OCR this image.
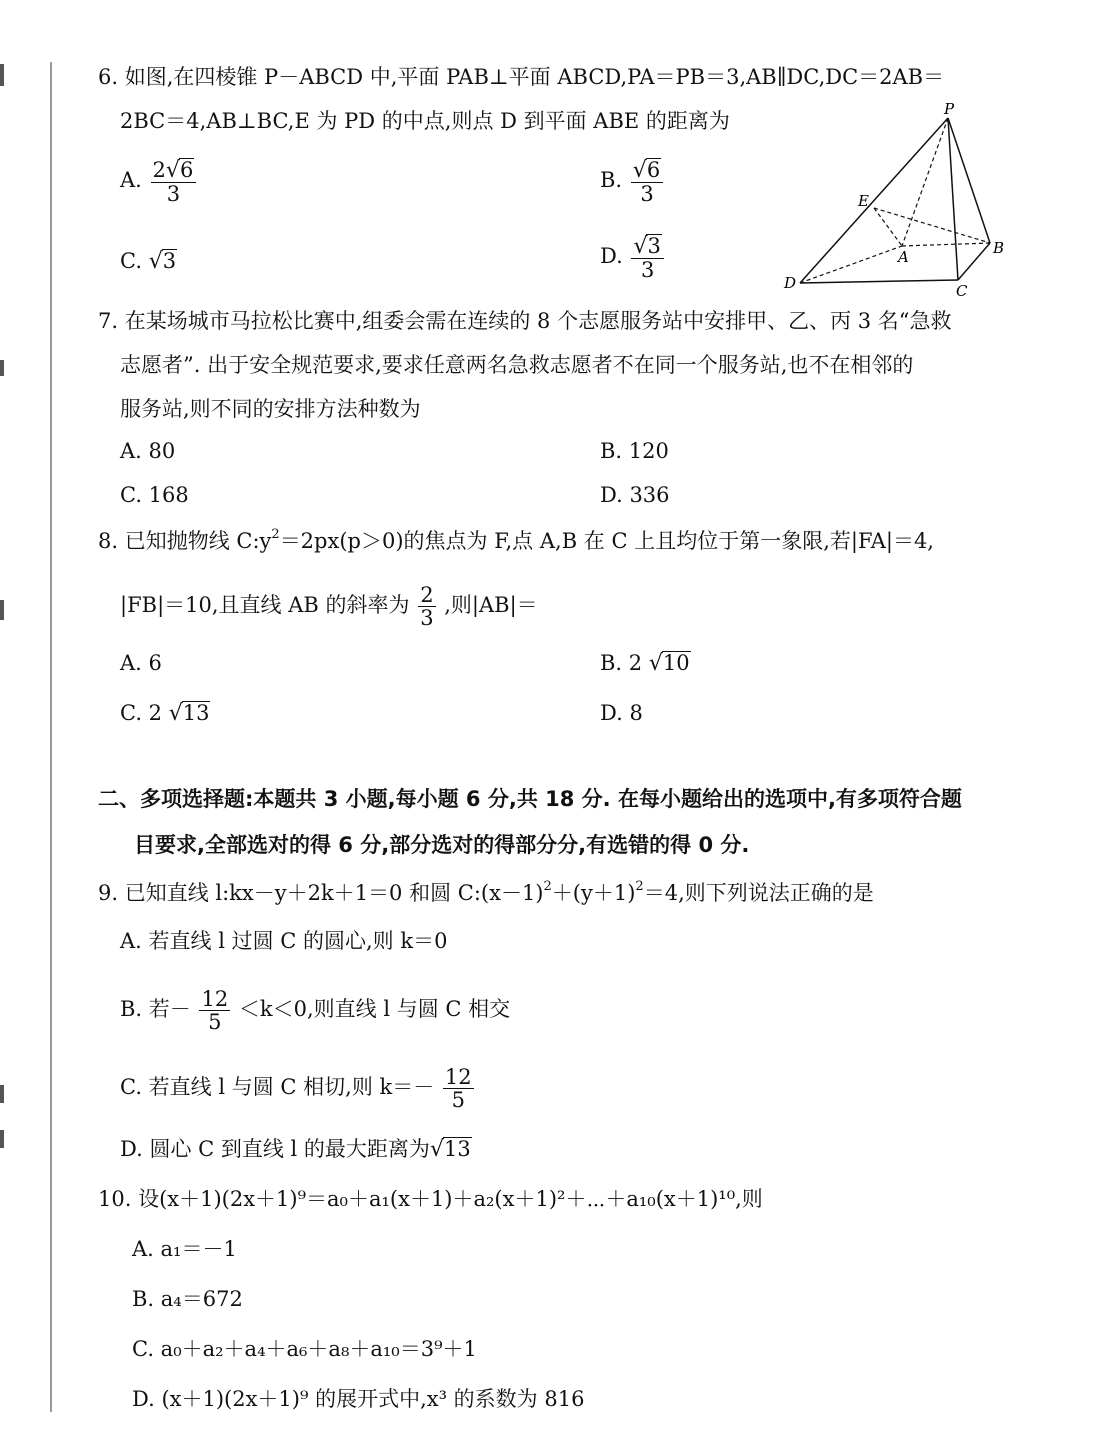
6. 如图,在四棱锥 P－ABCD 中,平面 PAB⊥平面 ABCD,PA＝PB＝3,AB∥DC,DC＝2AB＝
2BC＝4,AB⊥BC,E 为 PD 的中点,则点 D 到平面 ABE 的距离为
A. $\frac{2√6}{3}$	B. $\frac{√6}{3}$
C. √3	D. $\frac{√3}{3}$
P
E
A	B
C
D
7. 在某场城市马拉松比赛中,组委会需在连续的 8 个志愿服务站中安排甲、乙、丙 3 名“急救
志愿者”. 出于安全规范要求,要求任意两名急救志愿者不在同一个服务站,也不在相邻的
服务站,则不同的安排方法种数为
A. 80	B. 120
C. 168	D. 336
8. 已知抛物线 $C:y^2=2px(p>0)$的焦点为 F,点 A,B 在 C 上且均位于第一象限,若|FA|＝4,
|FB|＝10,且直线 AB 的斜率为 $\frac{2}{3}$ ,则|AB|＝
A. 6	B. 2 √10
C. 2 √13	D. 8
二、多项选择题:本题共 3 小题,每小题 6 分,共 18 分. 在每小题给出的选项中,有多项符合题
目要求,全部选对的得 6 分,部分选对的得部分分,有选错的得 0 分.
9. 已知直线 l:kx－y＋2k＋1＝0 和圆 $C:(x-1)^2+(y+1)^2=4$,则下列说法正确的是
A. 若直线 l 过圆 C 的圆心,则 k＝0
B. 若－ $\frac{12}{5} <k<0$,则直线 l 与圆 C 相交
C. 若直线 l 与圆 C 相切,则 $k=- \frac{12}{5}$
D. 圆心 C 到直线 l 的最大距离为√13
10. 设(x＋1)(2x＋1)⁹＝a₀＋a₁(x＋1)＋a₂(x＋1)²＋⋯＋a₁₀(x＋1)¹⁰,则
A. a₁＝－1
B. a₄＝672
C. a₀＋a₂＋a₄＋a₆＋a₈＋a₁₀＝3⁹＋1
D. (x＋1)(2x＋1)⁹ 的展开式中,x³ 的系数为 816
